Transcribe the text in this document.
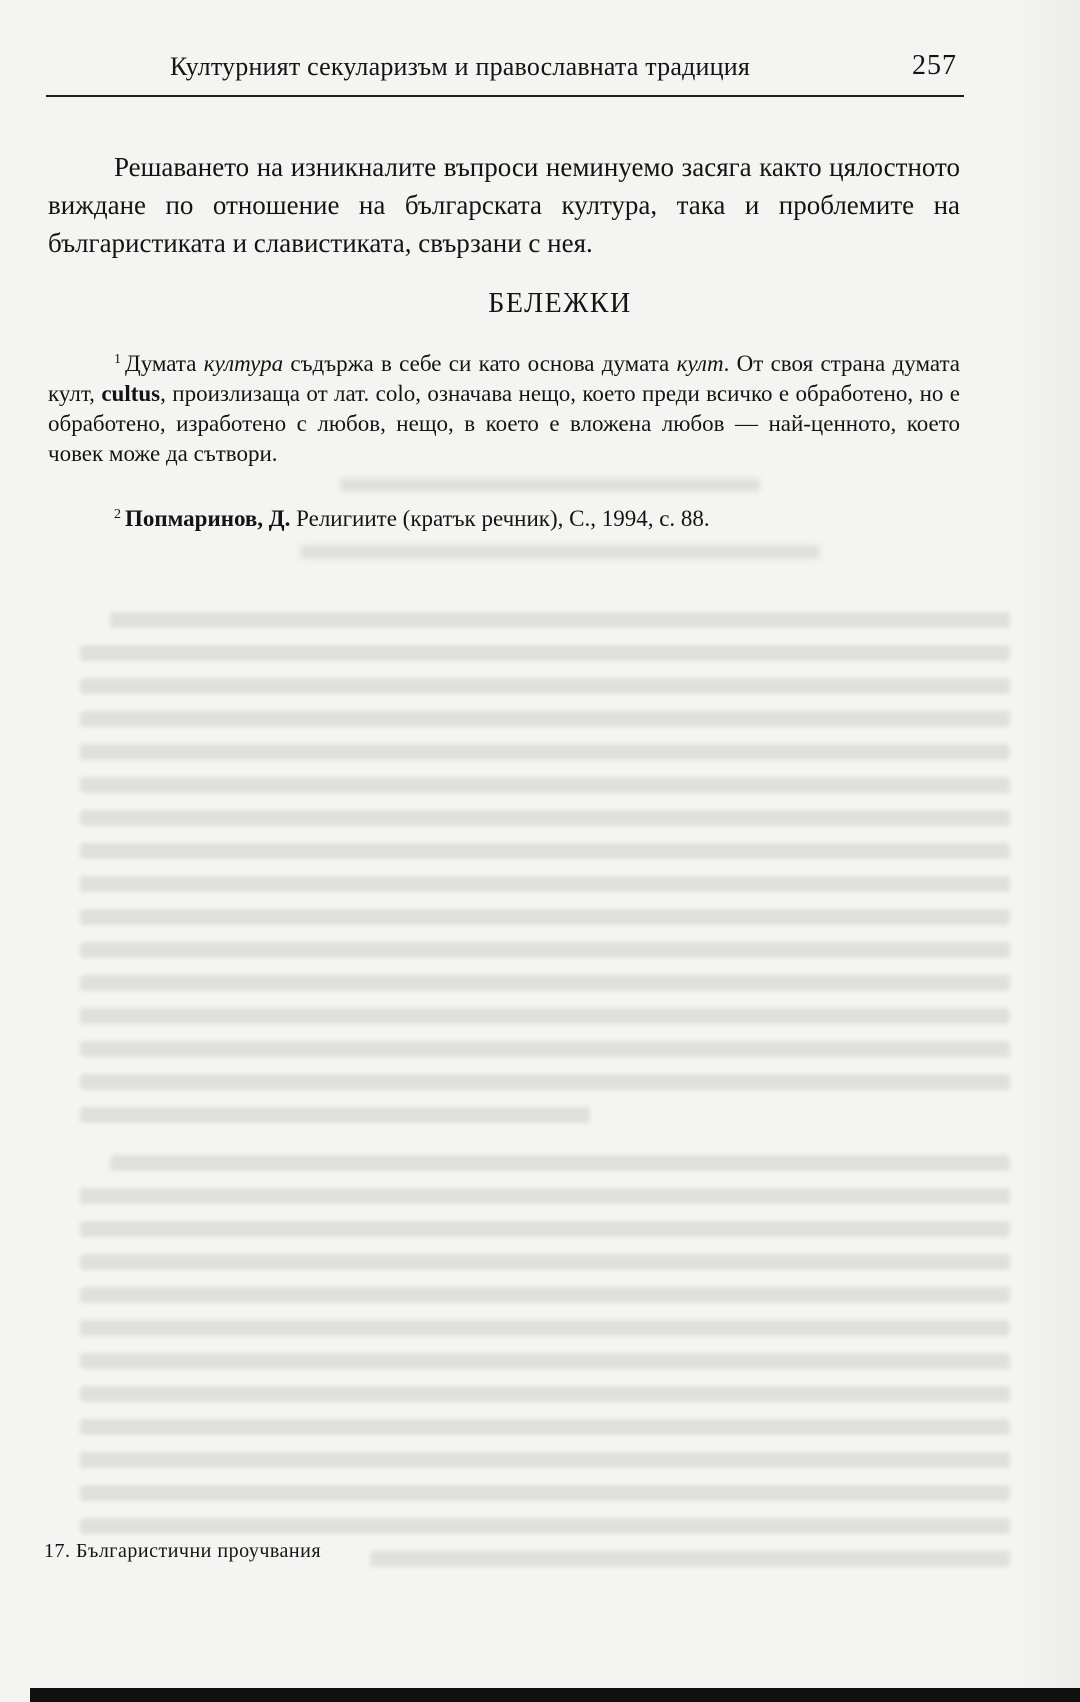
Културният секуларизъм и православната традиция	257

Решаването на изникналите въпроси неминуемо засяга както цялостното виждане по отношение на българската култура, така и проблемите на българистиката и славистиката, свързани с нея.

БЕЛЕЖКИ

$^1$ Думата култура съдържа в себе си като основа думата култ. От своя страна думата култ, cultus, произлизаща от лат. colo, означава нещо, което преди всичко е обработено, но е обработено, изработено с любов, нещо, в което е вложена любов — най-ценното, което човек може да сътвори.

$^2$ Попмаринов, Д. Религиите (кратък речник), С., 1994, с. 88.

17. Българистични проучвания
